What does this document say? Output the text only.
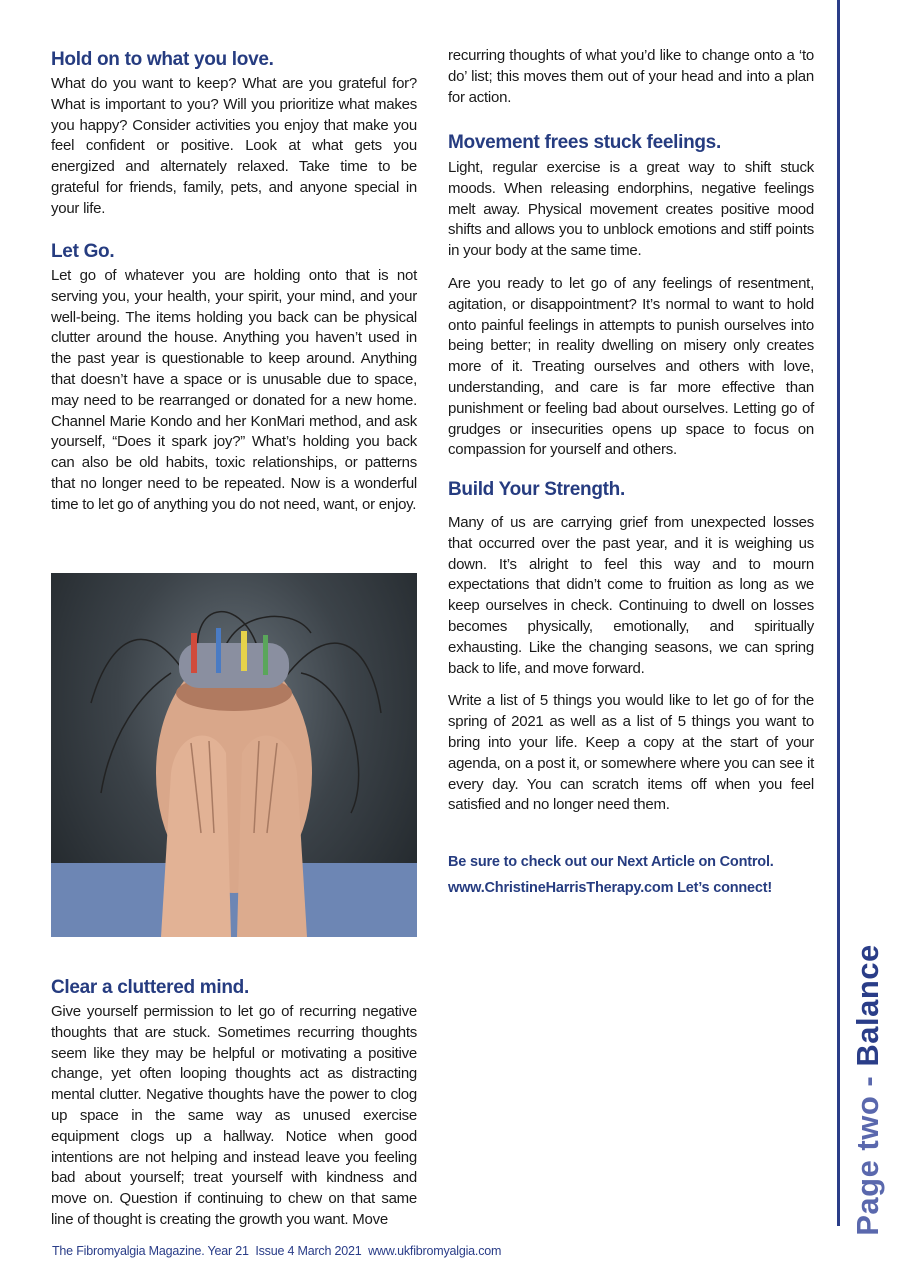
Hold on to what you love.

What do you want to keep? What are you grateful for? What is important to you? Will you prioritize what makes you happy? Consider activities you enjoy that make you feel confident or positive. Look at what gets you energized and alternately relaxed. Take time to be grateful for friends, family, pets, and anyone special in your life.

Let Go.

Let go of whatever you are holding onto that is not serving you, your health, your spirit, your mind, and your well-being. The items holding you back can be physical clutter around the house. Anything you haven’t used in the past year is questionable to keep around. Anything that doesn’t have a space or is unusable due to space, may need to be rearranged or donated for a new home. Channel Marie Kondo and her KonMari method, and ask yourself, “Does it spark joy?” What’s holding you back can also be old habits, toxic relationships, or patterns that no longer need to be repeated. Now is a wonderful time to let go of anything you do not need, want, or enjoy.

Clear a cluttered mind.

Give yourself permission to let go of recurring negative thoughts that are stuck. Sometimes recurring thoughts seem like they may be helpful or motivating a positive change, yet often looping thoughts act as distracting mental clutter. Negative thoughts have the power to clog up space in the same way as unused exercise equipment clogs up a hallway. Notice when good intentions are not helping and instead leave you feeling bad about yourself; treat yourself with kindness and move on. Question if continuing to chew on that same line of thought is creating the growth you want. Move

recurring thoughts of what you’d like to change onto a ‘to do’ list; this moves them out of your head and into a plan for action.

Movement frees stuck feelings.

Light, regular exercise is a great way to shift stuck moods. When releasing endorphins, negative feelings melt away. Physical movement creates positive mood shifts and allows you to unblock emotions and stiff points in your body at the same time.

Are you ready to let go of any feelings of resentment, agitation, or disappointment? It’s normal to want to hold onto painful feelings in attempts to punish ourselves into being better; in reality dwelling on misery only creates more of it. Treating ourselves and others with love, understanding, and care is far more effective than punishment or feeling bad about ourselves. Letting go of grudges or insecurities opens up space to focus on compassion for yourself and others.

Build Your Strength.

Many of us are carrying grief from unexpected losses that occurred over the past year, and it is weighing us down. It’s alright to feel this way and to mourn expectations that didn’t come to fruition as long as we keep ourselves in check. Continuing to dwell on losses becomes physically, emotionally, and spiritually exhausting. Like the changing seasons, we can spring back to life, and move forward.

Write a list of 5 things you would like to let go of for the spring of 2021 as well as a list of 5 things you want to bring into your life. Keep a copy at the start of your agenda, on a post it, or somewhere where you can see it every day. You can scratch items off when you feel satisfied and no longer need them.

Be sure to check out our Next Article on Control.
www.ChristineHarrisTherapy.com Let’s connect!
Page two - Balance
The Fibromyalgia Magazine. Year 21  Issue 4 March 2021  www.ukfibromyalgia.com
